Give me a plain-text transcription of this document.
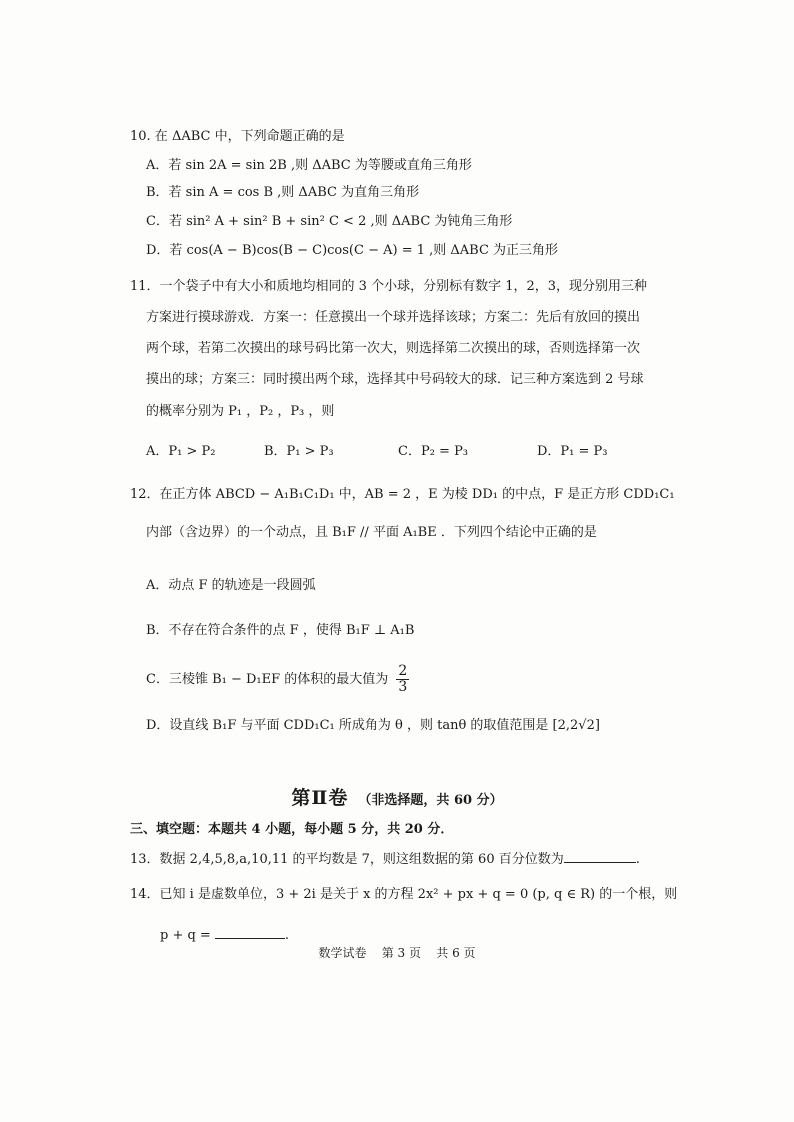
10. 在 ΔABC 中，下列命题正确的是
A．若 sin 2A = sin 2B ,则 ΔABC 为等腰或直角三角形
B．若 sin A = cos B ,则 ΔABC 为直角三角形
C．若 sin² A + sin² B + sin² C < 2 ,则 ΔABC 为钝角三角形
D．若 cos(A − B)cos(B − C)cos(C − A) = 1 ,则 ΔABC 为正三角形
11．一个袋子中有大小和质地均相同的 3 个小球，分别标有数字 1，2，3，现分别用三种
方案进行摸球游戏．方案一：任意摸出一个球并选择该球；方案二：先后有放回的摸出
两个球，若第二次摸出的球号码比第一次大，则选择第二次摸出的球，否则选择第一次
摸出的球；方案三：同时摸出两个球，选择其中号码较大的球．记三种方案选到 2 号球
的概率分别为 P₁ ，P₂ ，P₃ ，则
A．P₁ > P₂	B．P₁ > P₃	C．P₂ = P₃	D．P₁ = P₃
12．在正方体 ABCD − A₁B₁C₁D₁ 中，AB = 2 ，E 为棱 DD₁ 的中点，F 是正方形 CDD₁C₁
内部（含边界）的一个动点，且 B₁F // 平面 A₁BE ．下列四个结论中正确的是
A．动点 F 的轨迹是一段圆弧
B．不存在符合条件的点 F ，使得 B₁F ⊥ A₁B
C．三棱锥 B₁ − D₁EF 的体积的最大值为 $\frac{2}{3}$
D．设直线 B₁F 与平面 CDD₁C₁ 所成角为 θ ，则 tanθ 的取值范围是 [2,2√2]
第Ⅱ卷 （非选择题，共 60 分）
三、填空题：本题共 4 小题，每小题 5 分，共 20 分．
13．数据 2,4,5,8,a,10,11 的平均数是 7，则这组数据的第 60 百分位数为	.
14．已知 i 是虚数单位，3 + 2i 是关于 x 的方程 2x² + px + q = 0 (p, q ∈ R) 的一个根，则
p + q =	.
数学试卷    第 3 页    共 6 页
